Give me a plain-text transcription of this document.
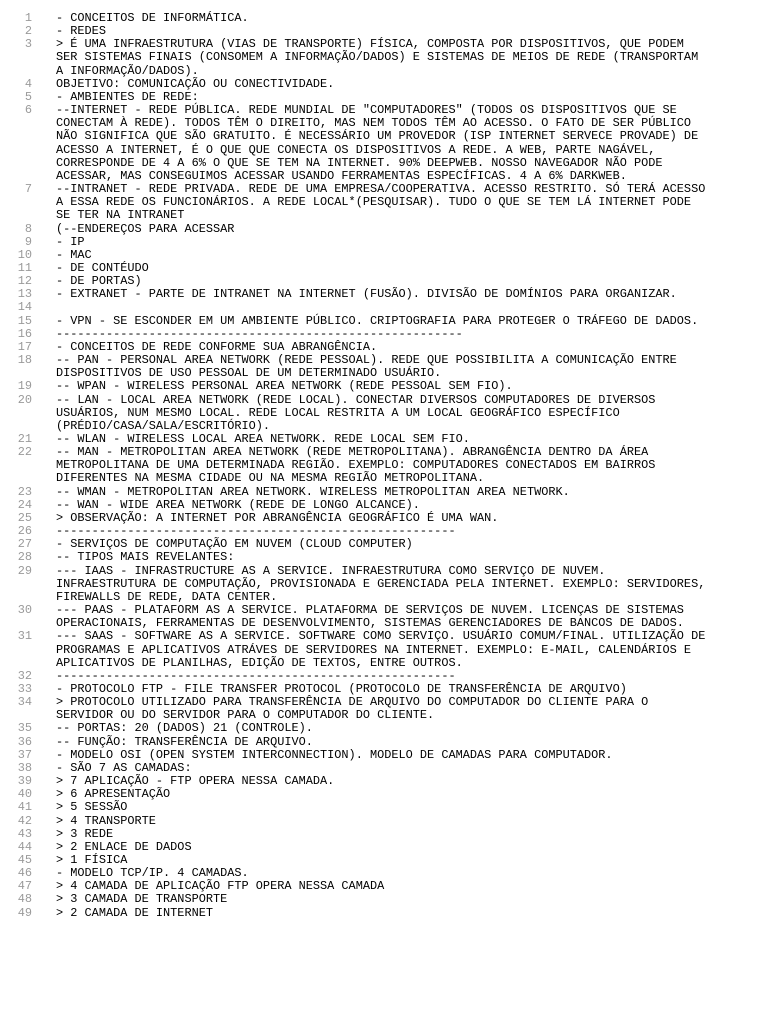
1	- CONCEITOS DE INFORMÁTICA.
2	- REDES
3	> É UMA INFRAESTRUTURA (VIAS DE TRANSPORTE) FÍSICA, COMPOSTA POR DISPOSITIVOS, QUE PODEM SER SISTEMAS FINAIS (CONSOMEM A INFORMAÇÃO/DADOS) E SISTEMAS DE MEIOS DE REDE (TRANSPORTAM A INFORMAÇÃO/DADOS).
4	OBJETIVO: COMUNICAÇÃO OU CONECTIVIDADE.
5	- AMBIENTES DE REDE:
6	--INTERNET - REDE PÚBLICA. REDE MUNDIAL DE "COMPUTADORES" (TODOS OS DISPOSITIVOS QUE SE CONECTAM À REDE). TODOS TÊM O DIREITO, MAS NEM TODOS TÊM AO ACESSO. O FATO DE SER PÚBLICO NÃO SIGNIFICA QUE SÃO GRATUITO. É NECESSÁRIO UM PROVEDOR (ISP INTERNET SERVECE PROVADE) DE ACESSO A INTERNET, É O QUE QUE CONECTA OS DISPOSITIVOS A REDE. A WEB, PARTE NAGÁVEL, CORRESPONDE DE 4 A 6% O QUE SE TEM NA INTERNET. 90% DEEPWEB. NOSSO NAVEGADOR NÃO PODE ACESSAR, MAS CONSEGUIMOS ACESSAR USANDO FERRAMENTAS ESPECÍFICAS. 4 A 6% DARKWEB.
7	--INTRANET - REDE PRIVADA. REDE DE UMA EMPRESA/COOPERATIVA. ACESSO RESTRITO. SÓ TERÁ ACESSO A ESSA REDE OS FUNCIONÁRIOS. A REDE LOCAL*(PESQUISAR). TUDO O QUE SE TEM LÁ INTERNET PODE SE TER NA INTRANET
8	(--ENDEREÇOS PARA ACESSAR
9	- IP
10	- MAC
11	- DE CONTÉUDO
12	- DE PORTAS)
13	- EXTRANET - PARTE DE INTRANET NA INTERNET (FUSÃO). DIVISÃO DE DOMÍNIOS PARA ORGANIZAR.
14
15	- VPN - SE ESCONDER EM UM AMBIENTE PÚBLICO. CRIPTOGRAFIA PARA PROTEGER O TRÁFEGO DE DADOS.
16	---------------------------------------------------------
17	- CONCEITOS DE REDE CONFORME SUA ABRANGÊNCIA.
18	-- PAN - PERSONAL AREA NETWORK (REDE PESSOAL). REDE QUE POSSIBILITA A COMUNICAÇÃO ENTRE DISPOSITIVOS DE USO PESSOAL DE UM DETERMINADO USUÁRIO.
19	-- WPAN - WIRELESS PERSONAL AREA NETWORK (REDE PESSOAL SEM FIO).
20	-- LAN - LOCAL AREA NETWORK (REDE LOCAL). CONECTAR DIVERSOS COMPUTADORES DE DIVERSOS USUÁRIOS, NUM MESMO LOCAL. REDE LOCAL RESTRITA A UM LOCAL GEOGRÁFICO ESPECÍFICO (PRÉDIO/CASA/SALA/ESCRITÓRIO).
21	-- WLAN - WIRELESS LOCAL AREA NETWORK. REDE LOCAL SEM FIO.
22	-- MAN - METROPOLITAN AREA NETWORK (REDE METROPOLITANA). ABRANGÊNCIA DENTRO DA ÁREA METROPOLITANA DE UMA DETERMINADA REGIÃO. EXEMPLO: COMPUTADORES CONECTADOS EM BAIRROS DIFERENTES NA MESMA CIDADE OU NA MESMA REGIÃO METROPOLITANA.
23	-- WMAN - METROPOLITAN AREA NETWORK. WIRELESS METROPOLITAN AREA NETWORK.
24	-- WAN - WIDE AREA NETWORK (REDE DE LONGO ALCANCE).
25	> OBSERVAÇÃO: A INTERNET POR ABRANGÊNCIA GEOGRÁFICO É UMA WAN.
26	--------------------------------------------------------
27	- SERVIÇOS DE COMPUTAÇÃO EM NUVEM (CLOUD COMPUTER)
28	-- TIPOS MAIS REVELANTES:
29	--- IAAS - INFRASTRUCTURE AS A SERVICE. INFRAESTRUTURA COMO SERVIÇO DE NUVEM. INFRAESTRUTURA DE COMPUTAÇÃO, PROVISIONADA E GERENCIADA PELA INTERNET. EXEMPLO: SERVIDORES, FIREWALLS DE REDE, DATA CENTER.
30	--- PAAS - PLATAFORM AS A SERVICE. PLATAFORMA DE SERVIÇOS DE NUVEM. LICENÇAS DE SISTEMAS OPERACIONAIS, FERRAMENTAS DE DESENVOLVIMENTO, SISTEMAS GERENCIADORES DE BANCOS DE DADOS.
31	--- SAAS - SOFTWARE AS A SERVICE. SOFTWARE COMO SERVIÇO. USUÁRIO COMUM/FINAL. UTILIZAÇÃO DE PROGRAMAS E APLICATIVOS ATRÁVES DE SERVIDORES NA INTERNET. EXEMPLO: E-MAIL, CALENDÁRIOS E APLICATIVOS DE PLANILHAS, EDIÇÃO DE TEXTOS, ENTRE OUTROS.
32	--------------------------------------------------------
33	- PROTOCOLO FTP - FILE TRANSFER PROTOCOL (PROTOCOLO DE TRANSFERÊNCIA DE ARQUIVO)
34	> PROTOCOLO UTILIZADO PARA TRANSFERÊNCIA DE ARQUIVO DO COMPUTADOR DO CLIENTE PARA O SERVIDOR OU DO SERVIDOR PARA O COMPUTADOR DO CLIENTE.
35	-- PORTAS: 20 (DADOS) 21 (CONTROLE).
36	-- FUNÇÃO: TRANSFERÊNCIA DE ARQUIVO.
37	- MODELO OSI (OPEN SYSTEM INTERCONNECTION). MODELO DE CAMADAS PARA COMPUTADOR.
38	- SÃO 7 AS CAMADAS:
39	> 7 APLICAÇÃO - FTP OPERA NESSA CAMADA.
40	> 6 APRESENTAÇÃO
41	> 5 SESSÃO
42	> 4 TRANSPORTE
43	> 3 REDE
44	> 2 ENLACE DE DADOS
45	> 1 FÍSICA
46	- MODELO TCP/IP. 4 CAMADAS.
47	> 4 CAMADA DE APLICAÇÃO FTP OPERA NESSA CAMADA
48	> 3 CAMADA DE TRANSPORTE
49	> 2 CAMADA DE INTERNET
